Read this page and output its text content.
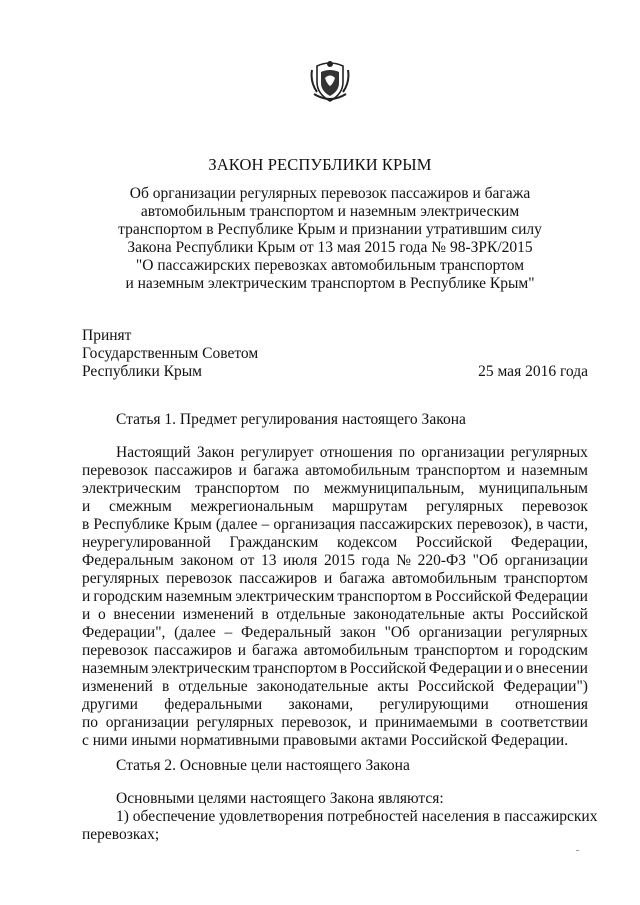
ЗАКОН РЕСПУБЛИКИ КРЫМ
Об организации регулярных перевозок пассажиров и багажа
автомобильным транспортом и наземным электрическим
транспортом в Республике Крым и признании утратившим силу
Закона Республики Крым от 13 мая 2015 года № 98-ЗРК/2015
"О пассажирских перевозках автомобильным транспортом
и наземным электрическим транспортом в Республике Крым"
Принят
Государственным Советом
Республики Крым	25 мая 2016 года
Статья 1. Предмет регулирования настоящего Закона
Настоящий Закон регулирует отношения по организации регулярных
перевозок пассажиров и багажа автомобильным транспортом и наземным
электрическим транспортом по межмуниципальным, муниципальным
и смежным межрегиональным маршрутам регулярных перевозок
в Республике Крым (далее – организация пассажирских перевозок), в части,
неурегулированной Гражданским кодексом Российской Федерации,
Федеральным законом от 13 июля 2015 года № 220-ФЗ "Об организации
регулярных перевозок пассажиров и багажа автомобильным транспортом
и городским наземным электрическим транспортом в Российской Федерации
и о внесении изменений в отдельные законодательные акты Российской
Федерации", (далее – Федеральный закон "Об организации регулярных
перевозок пассажиров и багажа автомобильным транспортом и городским
наземным электрическим транспортом в Российской Федерации и о внесении
изменений в отдельные законодательные акты Российской Федерации")
другими федеральными законами, регулирующими отношения
по организации регулярных перевозок, и принимаемыми в соответствии
с ними иными нормативными правовыми актами Российской Федерации.
Статья 2. Основные цели настоящего Закона
Основными целями настоящего Закона являются:
1) обеспечение удовлетворения потребностей населения в пассажирских
перевозках;
